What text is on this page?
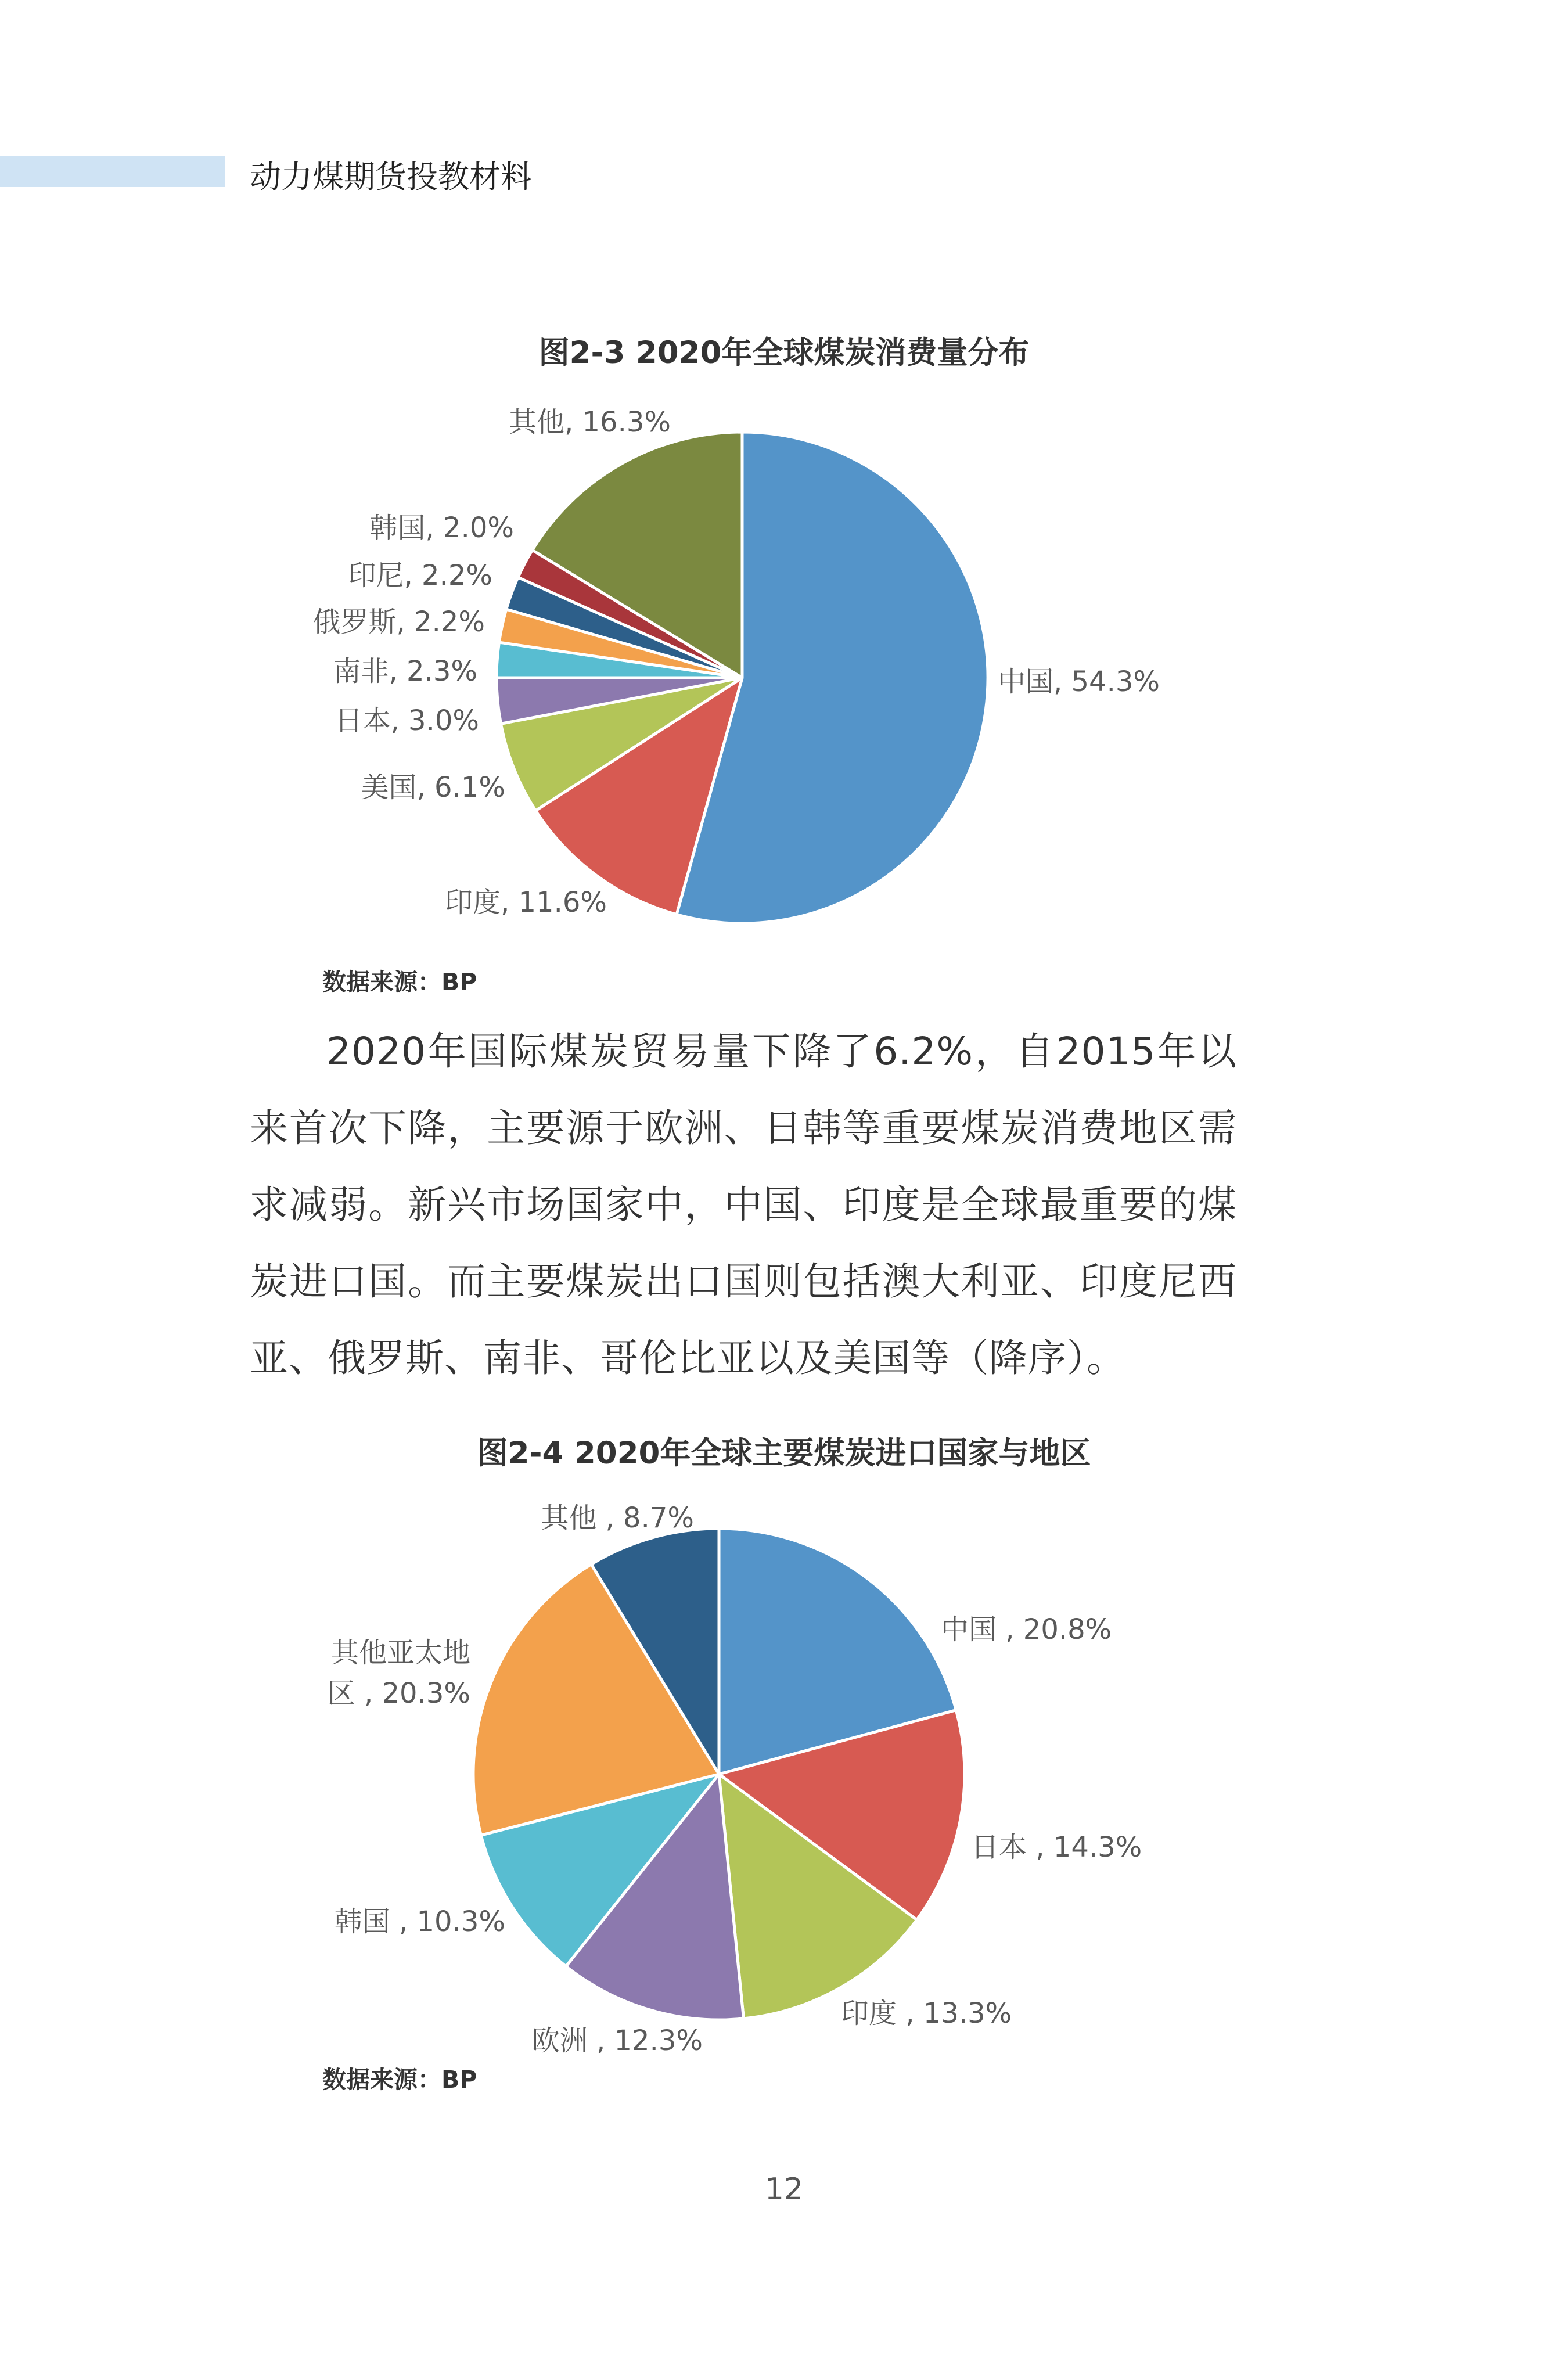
动力煤期货投教材料
图2-3 2020年全球煤炭消费量分布
中国, 54.3%
印度, 11.6%
美国, 6.1%
日本, 3.0%
南非, 2.3%
俄罗斯, 2.2%
印尼, 2.2%
韩国, 2.0%
其他, 16.3%
数据来源：BP

2020年国际煤炭贸易量下降了6.2%，自2015年以来首次下降，主要源于欧洲、日韩等重要煤炭消费地区需求减弱。新兴市场国家中，中国、印度是全球最重要的煤炭进口国。而主要煤炭出口国则包括澳大利亚、印度尼西亚、俄罗斯、南非、哥伦比亚以及美国等（降序）。

图2-4 2020年全球主要煤炭进口国家与地区
中国 , 20.8%
日本 , 14.3%
印度 , 13.3%
欧洲 , 12.3%
韩国 , 10.3%
其他亚太地区 , 20.3%
其他 , 8.7%
数据来源：BP
12
